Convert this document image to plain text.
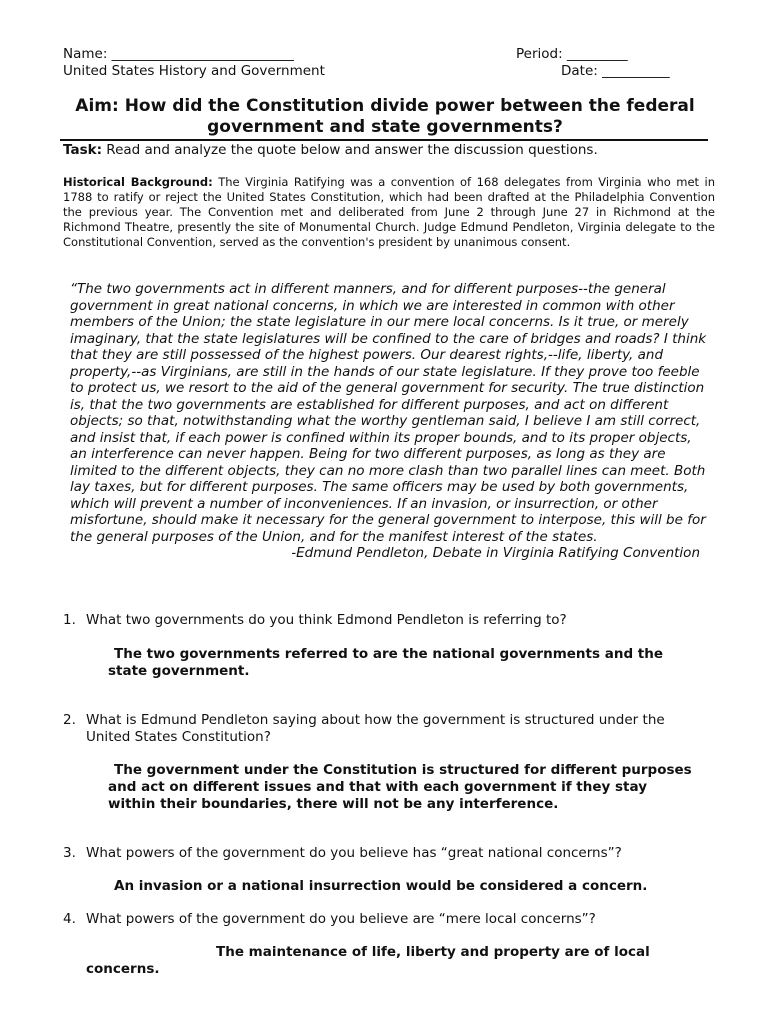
Name: ___________________________	Period: _________
United States History and Government	Date: __________
Aim: How did the Constitution divide power between the federal
government and state governments?
Task: Read and analyze the quote below and answer the discussion questions.
Historical Background: The Virginia Ratifying was a convention of 168 delegates from Virginia who met in 1788 to ratify or reject the United States Constitution, which had been drafted at the Philadelphia Convention the previous year. The Convention met and deliberated from June 2 through June 27 in Richmond at the Richmond Theatre, presently the site of Monumental Church. Judge Edmund Pendleton, Virginia delegate to the Constitutional Convention, served as the convention's president by unanimous consent.
“The two governments act in different manners, and for different purposes--the general government in great national concerns, in which we are interested in common with other members of the Union; the state legislature in our mere local concerns. Is it true, or merely imaginary, that the state legislatures will be confined to the care of bridges and roads? I think that they are still possessed of the highest powers. Our dearest rights,--life, liberty, and property,--as Virginians, are still in the hands of our state legislature. If they prove too feeble to protect us, we resort to the aid of the general government for security. The true distinction is, that the two governments are established for different purposes, and act on different objects; so that, notwithstanding what the worthy gentleman said, I believe I am still correct, and insist that, if each power is confined within its proper bounds, and to its proper objects, an interference can never happen. Being for two different purposes, as long as they are limited to the different objects, they can no more clash than two parallel lines can meet. Both lay taxes, but for different purposes. The same officers may be used by both governments, which will prevent a number of inconveniences. If an invasion, or insurrection, or other misfortune, should make it necessary for the general government to interpose, this will be for the general purposes of the Union, and for the manifest interest of the states.
-Edmund Pendleton, Debate in Virginia Ratifying Convention
1. What two governments do you think Edmond Pendleton is referring to?
The two governments referred to are the national governments and the
state government.
2. What is Edmund Pendleton saying about how the government is structured under the
United States Constitution?
The government under the Constitution is structured for different purposes
and act on different issues and that with each government if they stay
within their boundaries, there will not be any interference.
3. What powers of the government do you believe has “great national concerns”?
An invasion or a national insurrection would be considered a concern.
4. What powers of the government do you believe are “mere local concerns”?
The maintenance of life, liberty and property are of local
concerns.
